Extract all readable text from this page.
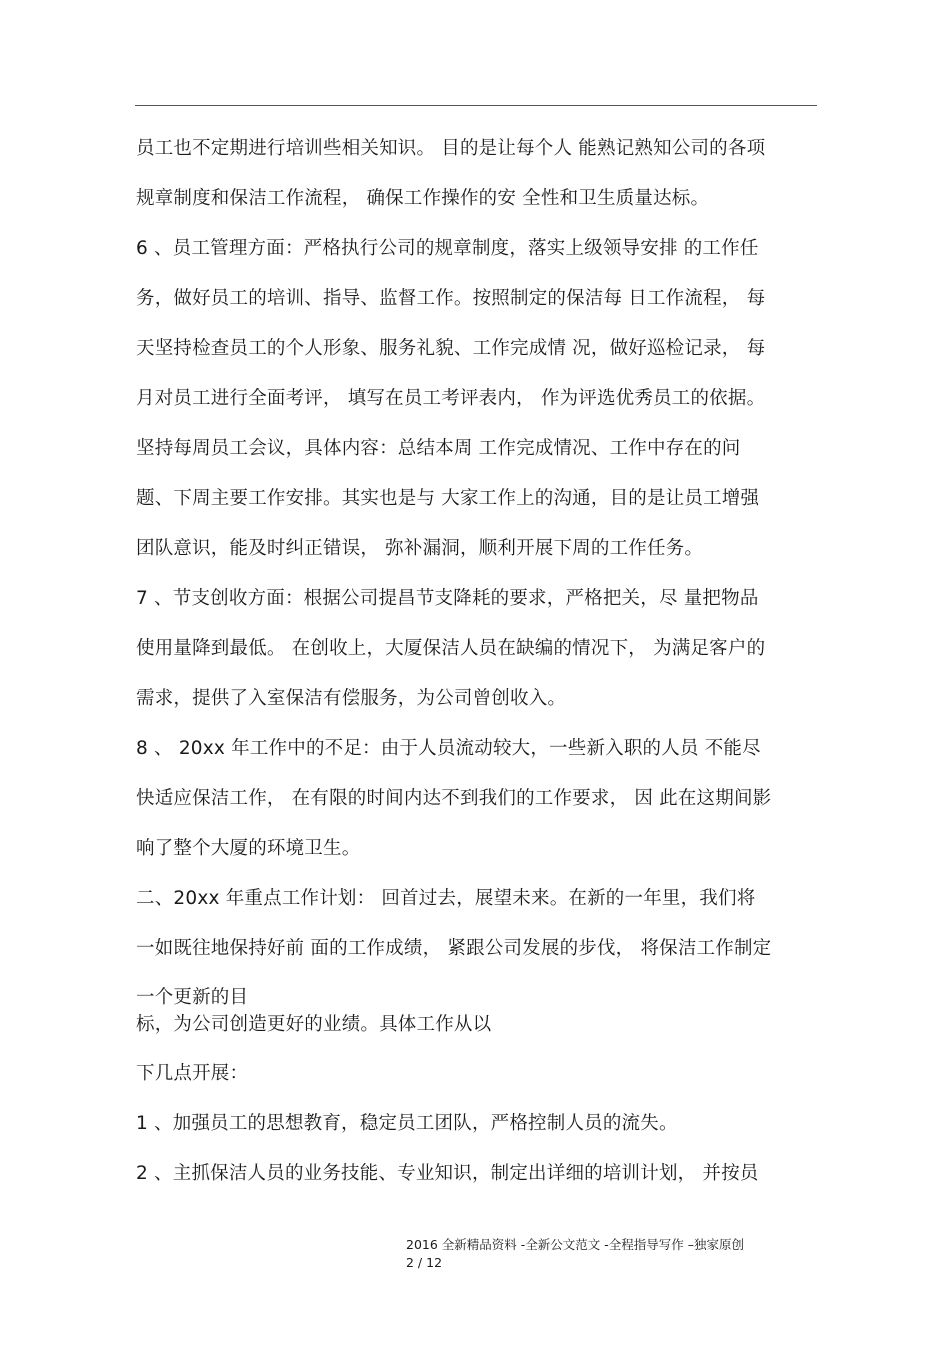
员工也不定期进行培训些相关知识。 目的是让每个人 能熟记熟知公司的各项
规章制度和保洁工作流程， 确保工作操作的安 全性和卫生质量达标。
6 、员工管理方面：严格执行公司的规章制度，落实上级领导安排 的工作任
务，做好员工的培训、指导、监督工作。按照制定的保洁每 日工作流程， 每
天坚持检查员工的个人形象、服务礼貌、工作完成情 况，做好巡检记录， 每
月对员工进行全面考评， 填写在员工考评表内， 作为评选优秀员工的依据。
坚持每周员工会议，具体内容：总结本周 工作完成情况、工作中存在的问
题、下周主要工作安排。其实也是与 大家工作上的沟通，目的是让员工增强
团队意识，能及时纠正错误， 弥补漏洞，顺利开展下周的工作任务。
7 、节支创收方面：根据公司提昌节支降耗的要求，严格把关，尽 量把物品
使用量降到最低。 在创收上，大厦保洁人员在缺编的情况下， 为满足客户的
需求，提供了入室保洁有偿服务，为公司曾创收入。
8 、 20xx 年工作中的不足：由于人员流动较大，一些新入职的人员 不能尽
快适应保洁工作， 在有限的时间内达不到我们的工作要求， 因 此在这期间影
响了整个大厦的环境卫生。
二、20xx 年重点工作计划： 回首过去，展望未来。在新的一年里，我们将
一如既往地保持好前 面的工作成绩， 紧跟公司发展的步伐， 将保洁工作制定
一个更新的目
标，为公司创造更好的业绩。具体工作从以
下几点开展：
1 、加强员工的思想教育，稳定员工团队，严格控制人员的流失。
2 、主抓保洁人员的业务技能、专业知识，制定出详细的培训计划， 并按员
2016 全新精品资料 -全新公文范文 -全程指导写作 –独家原创
2 / 12
